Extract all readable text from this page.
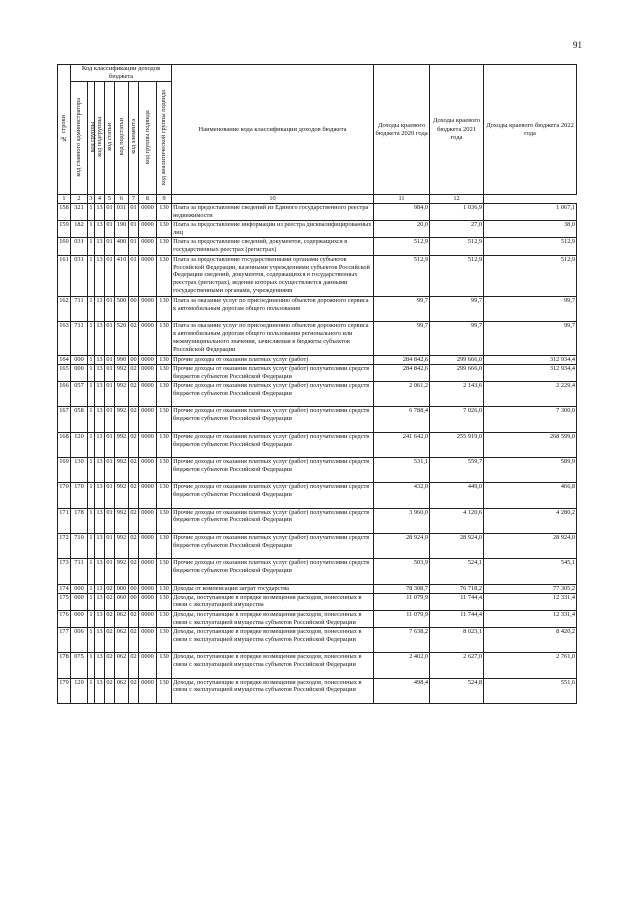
91
№ строки	Код классификации доходов бюджета								Наименование кода классификации доходов бюджета	Доходы краевого бюджета 2020 года	Доходы краевого бюджета 2021 года	Доходы краевого бюджета 2022 года
	код главного администратора	код группы	код подгруппы	код статьи	код подстатьи	код элемента	код группы подвида	код аналитической группы подвида				
1	2	3	4	5	6	7	8	9	10	11	12	
158	321	1	13	01	031	01	0000	130	Плата за предоставление сведений из Единого государственного реестра недвижимости	984,0	1 036,9	1 067,1
159	182	1	13	01	190	01	0000	130	Плата за предоставление информации из реестра дисквалифицированных лиц	20,0	27,0	38,0
160	031	1	13	01	400	01	0000	130	Плата за предоставление сведений, документов, содержащихся в государственных реестрах (регистрах)	512,9	512,9	512,9
161	031	1	13	01	410	01	0000	130	Плата за предоставление государственными органами субъектов Российской Федерации, казенными учреждениями субъектов Российской Федерации сведений, документов, содержащихся в государственных реестрах (регистрах), ведение которых осуществляется данными государственными органами, учреждениями	512,9	512,9	512,9
162	711	1	13	01	500	00	0000	130	Плата за оказание услуг по присоединению объектов дорожного сервиса к автомобильным дорогам общего пользования	99,7	99,7	99,7
163	711	1	13	01	520	02	0000	130	Плата за оказание услуг по присоединению объектов дорожного сервиса к автомобильным дорогам общего пользования регионального или межмуниципального значения, зачисляемая в бюджеты субъектов Российской Федерации	99,7	99,7	99,7
164	000	1	13	01	990	00	0000	130	Прочие доходы от оказания платных услуг (работ)	284 842,6	299 666,0	312 934,4
165	000	1	13	01	992	02	0000	130	Прочие доходы от оказания платных услуг (работ) получателями средств бюджетов субъектов Российской Федерации	284 842,6	299 666,0	312 934,4
166	057	1	13	01	992	02	0000	130	Прочие доходы от оказания платных услуг (работ) получателями средств бюджетов субъектов Российской Федерации	2 061,2	2 143,6	2 229,4
167	058	1	13	01	992	02	0000	130	Прочие доходы от оказания платных услуг (работ) получателями средств бюджетов субъектов Российской Федерации	6 788,4	7 026,0	7 300,0
168	120	1	13	01	992	02	0000	130	Прочие доходы от оказания платных услуг (работ) получателями средств бюджетов субъектов Российской Федерации	241 642,0	255 919,0	268 599,0
169	130	1	13	01	992	02	0000	130	Прочие доходы от оказания платных услуг (работ) получателями средств бюджетов субъектов Российской Федерации	531,1	559,7	589,9
170	170	1	13	01	992	02	0000	130	Прочие доходы от оказания платных услуг (работ) получателями средств бюджетов субъектов Российской Федерации	432,0	449,0	466,8
171	178	1	13	01	992	02	0000	130	Прочие доходы от оказания платных услуг (работ) получателями средств бюджетов субъектов Российской Федерации	3 960,0	4 120,6	4 280,2
172	710	1	13	01	992	02	0000	130	Прочие доходы от оказания платных услуг (работ) получателями средств бюджетов субъектов Российской Федерации	28 924,0	28 924,0	28 924,0
173	711	1	13	01	992	02	0000	130	Прочие доходы от оказания платных услуг (работ) получателями средств бюджетов субъектов Российской Федерации	503,9	524,1	545,1
174	000	1	13	02	000	00	0000	130	Доходы от компенсации затрат государства	78 308,7	76 718,2	77 305,2
175	000	1	13	02	060	00	0000	130	Доходы, поступающие в порядке возмещения расходов, понесенных в связи с эксплуатацией имущества	11 079,9	11 744,4	12 331,4
176	000	1	13	02	062	02	0000	130	Доходы, поступающие в порядке возмещения расходов, понесенных в связи с эксплуатацией имущества субъектов Российской Федерации	11 079,9	11 744,4	12 331,4
177	006	1	13	02	062	02	0000	130	Доходы, поступающие в порядке возмещения расходов, понесенных в связи с эксплуатацией имущества субъектов Российской Федерации	7 638,2	8 023,1	8 420,2
178	075	1	13	02	062	02	0000	130	Доходы, поступающие в порядке возмещения расходов, понесенных в связи с эксплуатацией имущества субъектов Российской Федерации	2 402,0	2 627,0	2 761,0
179	120	1	13	02	062	02	0000	130	Доходы, поступающие в порядке возмещения расходов, понесенных в связи с эксплуатацией имущества субъектов Российской Федерации	498,4	524,8	551,6
